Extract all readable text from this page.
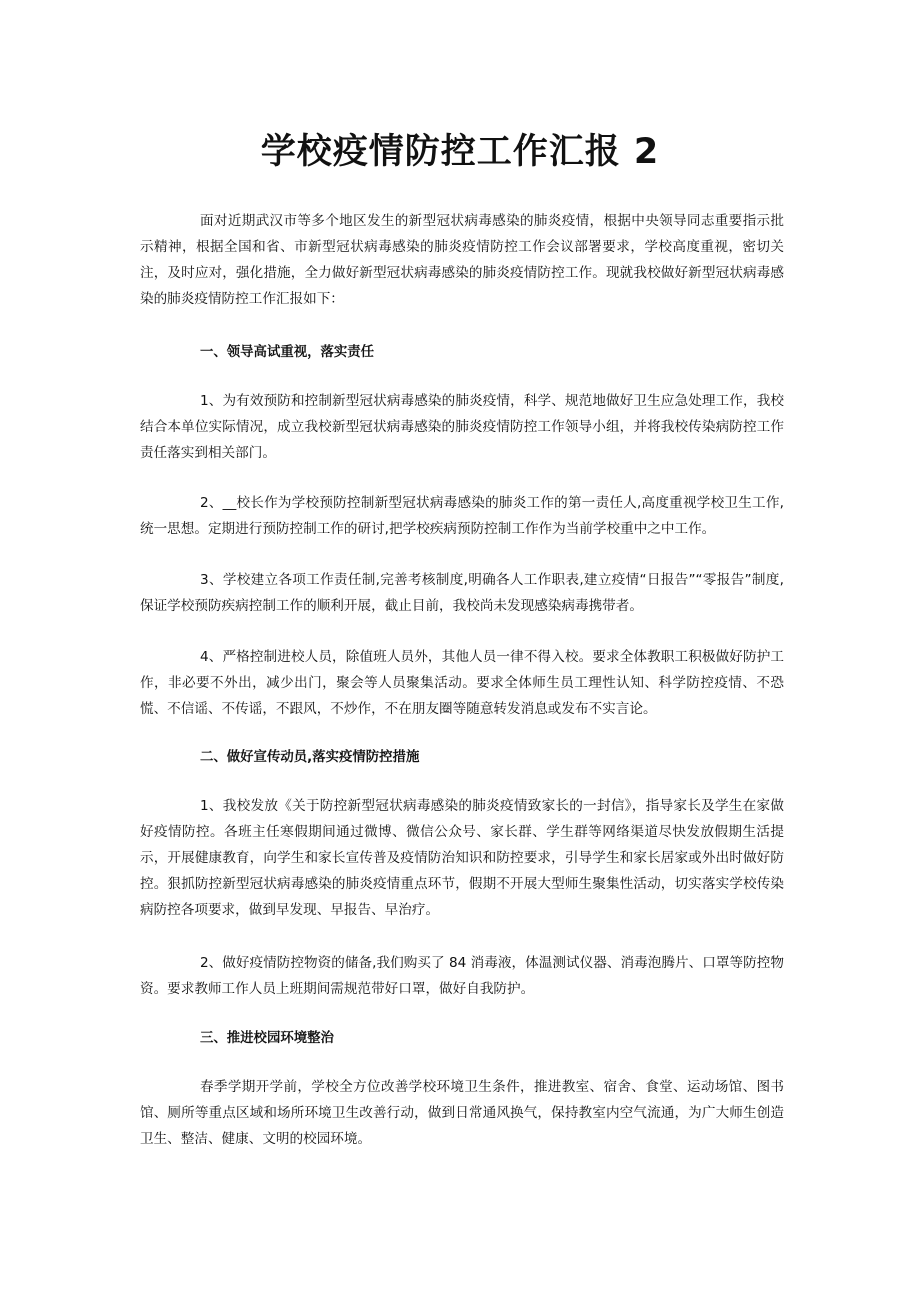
学校疫情防控工作汇报 2

面对近期武汉市等多个地区发生的新型冠状病毒感染的肺炎疫情，根据中央领导同志重要指示批示精神，根据全国和省、市新型冠状病毒感染的肺炎疫情防控工作会议部署要求，学校高度重视，密切关注，及时应对，强化措施，全力做好新型冠状病毒感染的肺炎疫情防控工作。现就我校做好新型冠状病毒感染的肺炎疫情防控工作汇报如下：

一、领导高试重视，落实责任

1、为有效预防和控制新型冠状病毒感染的肺炎疫情，科学、规范地做好卫生应急处理工作，我校结合本单位实际情况，成立我校新型冠状病毒感染的肺炎疫情防控工作领导小组，并将我校传染病防控工作责任落实到相关部门。

2、__校长作为学校预防控制新型冠状病毒感染的肺炎工作的第一责任人,高度重视学校卫生工作,统一思想。定期进行预防控制工作的研讨,把学校疾病预防控制工作作为当前学校重中之中工作。

3、学校建立各项工作责任制,完善考核制度,明确各人工作职表,建立疫情“日报告”“零报告”制度,保证学校预防疾病控制工作的顺利开展，截止目前，我校尚未发现感染病毒携带者。

4、严格控制进校人员，除值班人员外，其他人员一律不得入校。要求全体教职工积极做好防护工作，非必要不外出，减少出门，聚会等人员聚集活动。要求全体师生员工理性认知、科学防控疫情、不恐慌、不信谣、不传谣，不跟风，不炒作，不在朋友圈等随意转发消息或发布不实言论。

二、做好宣传动员,落实疫情防控措施

1、我校发放《关于防控新型冠状病毒感染的肺炎疫情致家长的一封信》，指导家长及学生在家做好疫情防控。各班主任寒假期间通过微博、微信公众号、家长群、学生群等网络渠道尽快发放假期生活提示，开展健康教育，向学生和家长宣传普及疫情防治知识和防控要求，引导学生和家长居家或外出时做好防控。狠抓防控新型冠状病毒感染的肺炎疫情重点环节，假期不开展大型师生聚集性活动，切实落实学校传染病防控各项要求，做到早发现、早报告、早治疗。

2、做好疫情防控物资的储备,我们购买了 84 消毒液，体温测试仪器、消毒泡腾片、口罩等防控物资。要求教师工作人员上班期间需规范带好口罩，做好自我防护。

三、推进校园环境整治

春季学期开学前，学校全方位改善学校环境卫生条件，推进教室、宿舍、食堂、运动场馆、图书馆、厕所等重点区域和场所环境卫生改善行动，做到日常通风换气，保持教室内空气流通，为广大师生创造卫生、整洁、健康、文明的校园环境。
